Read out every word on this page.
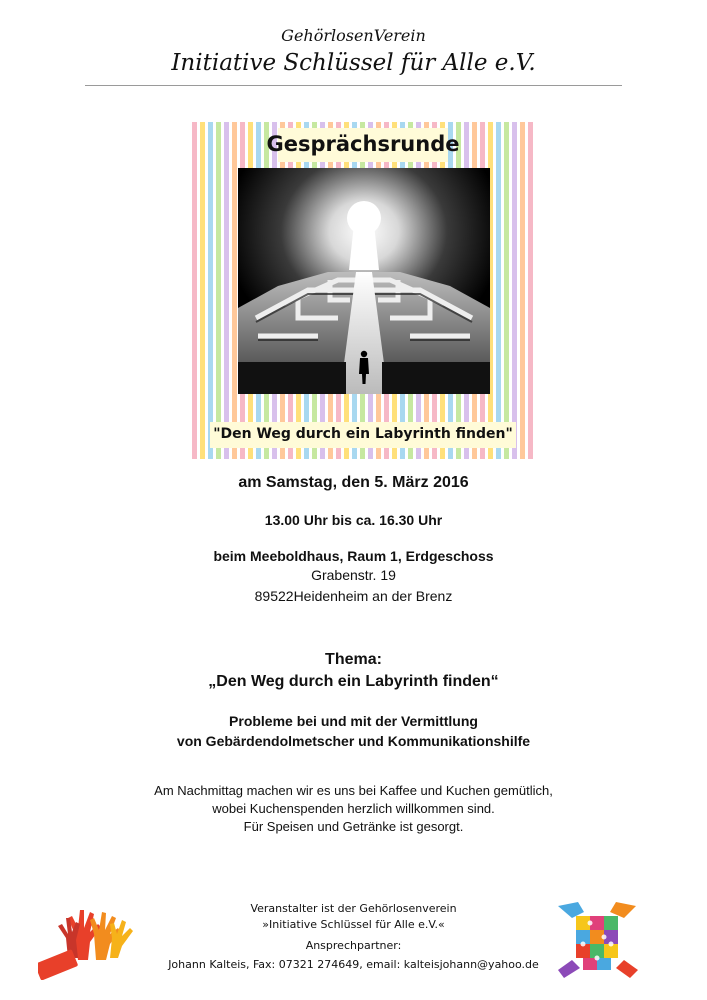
GehörlosenVerein
Initiative Schlüssel für Alle e.V.
Gesprächsrunde
"Den Weg durch ein Labyrinth finden"
am Samstag, den 5. März 2016
13.00 Uhr bis ca. 16.30 Uhr
beim Meeboldhaus, Raum 1, Erdgeschoss
Grabenstr. 19
89522Heidenheim an der Brenz
Thema:
„Den Weg durch ein Labyrinth finden“
Probleme bei und mit der Vermittlung
von Gebärdendolmetscher und Kommunikationshilfe
Am Nachmittag machen wir es uns bei Kaffee und Kuchen gemütlich,
wobei Kuchenspenden herzlich willkommen sind.
Für Speisen und Getränke ist gesorgt.
Veranstalter ist der Gehörlosenverein
»Initiative Schlüssel für Alle e.V.«
Ansprechpartner:
Johann Kalteis, Fax: 07321 274649, email: kalteisjohann@yahoo.de
